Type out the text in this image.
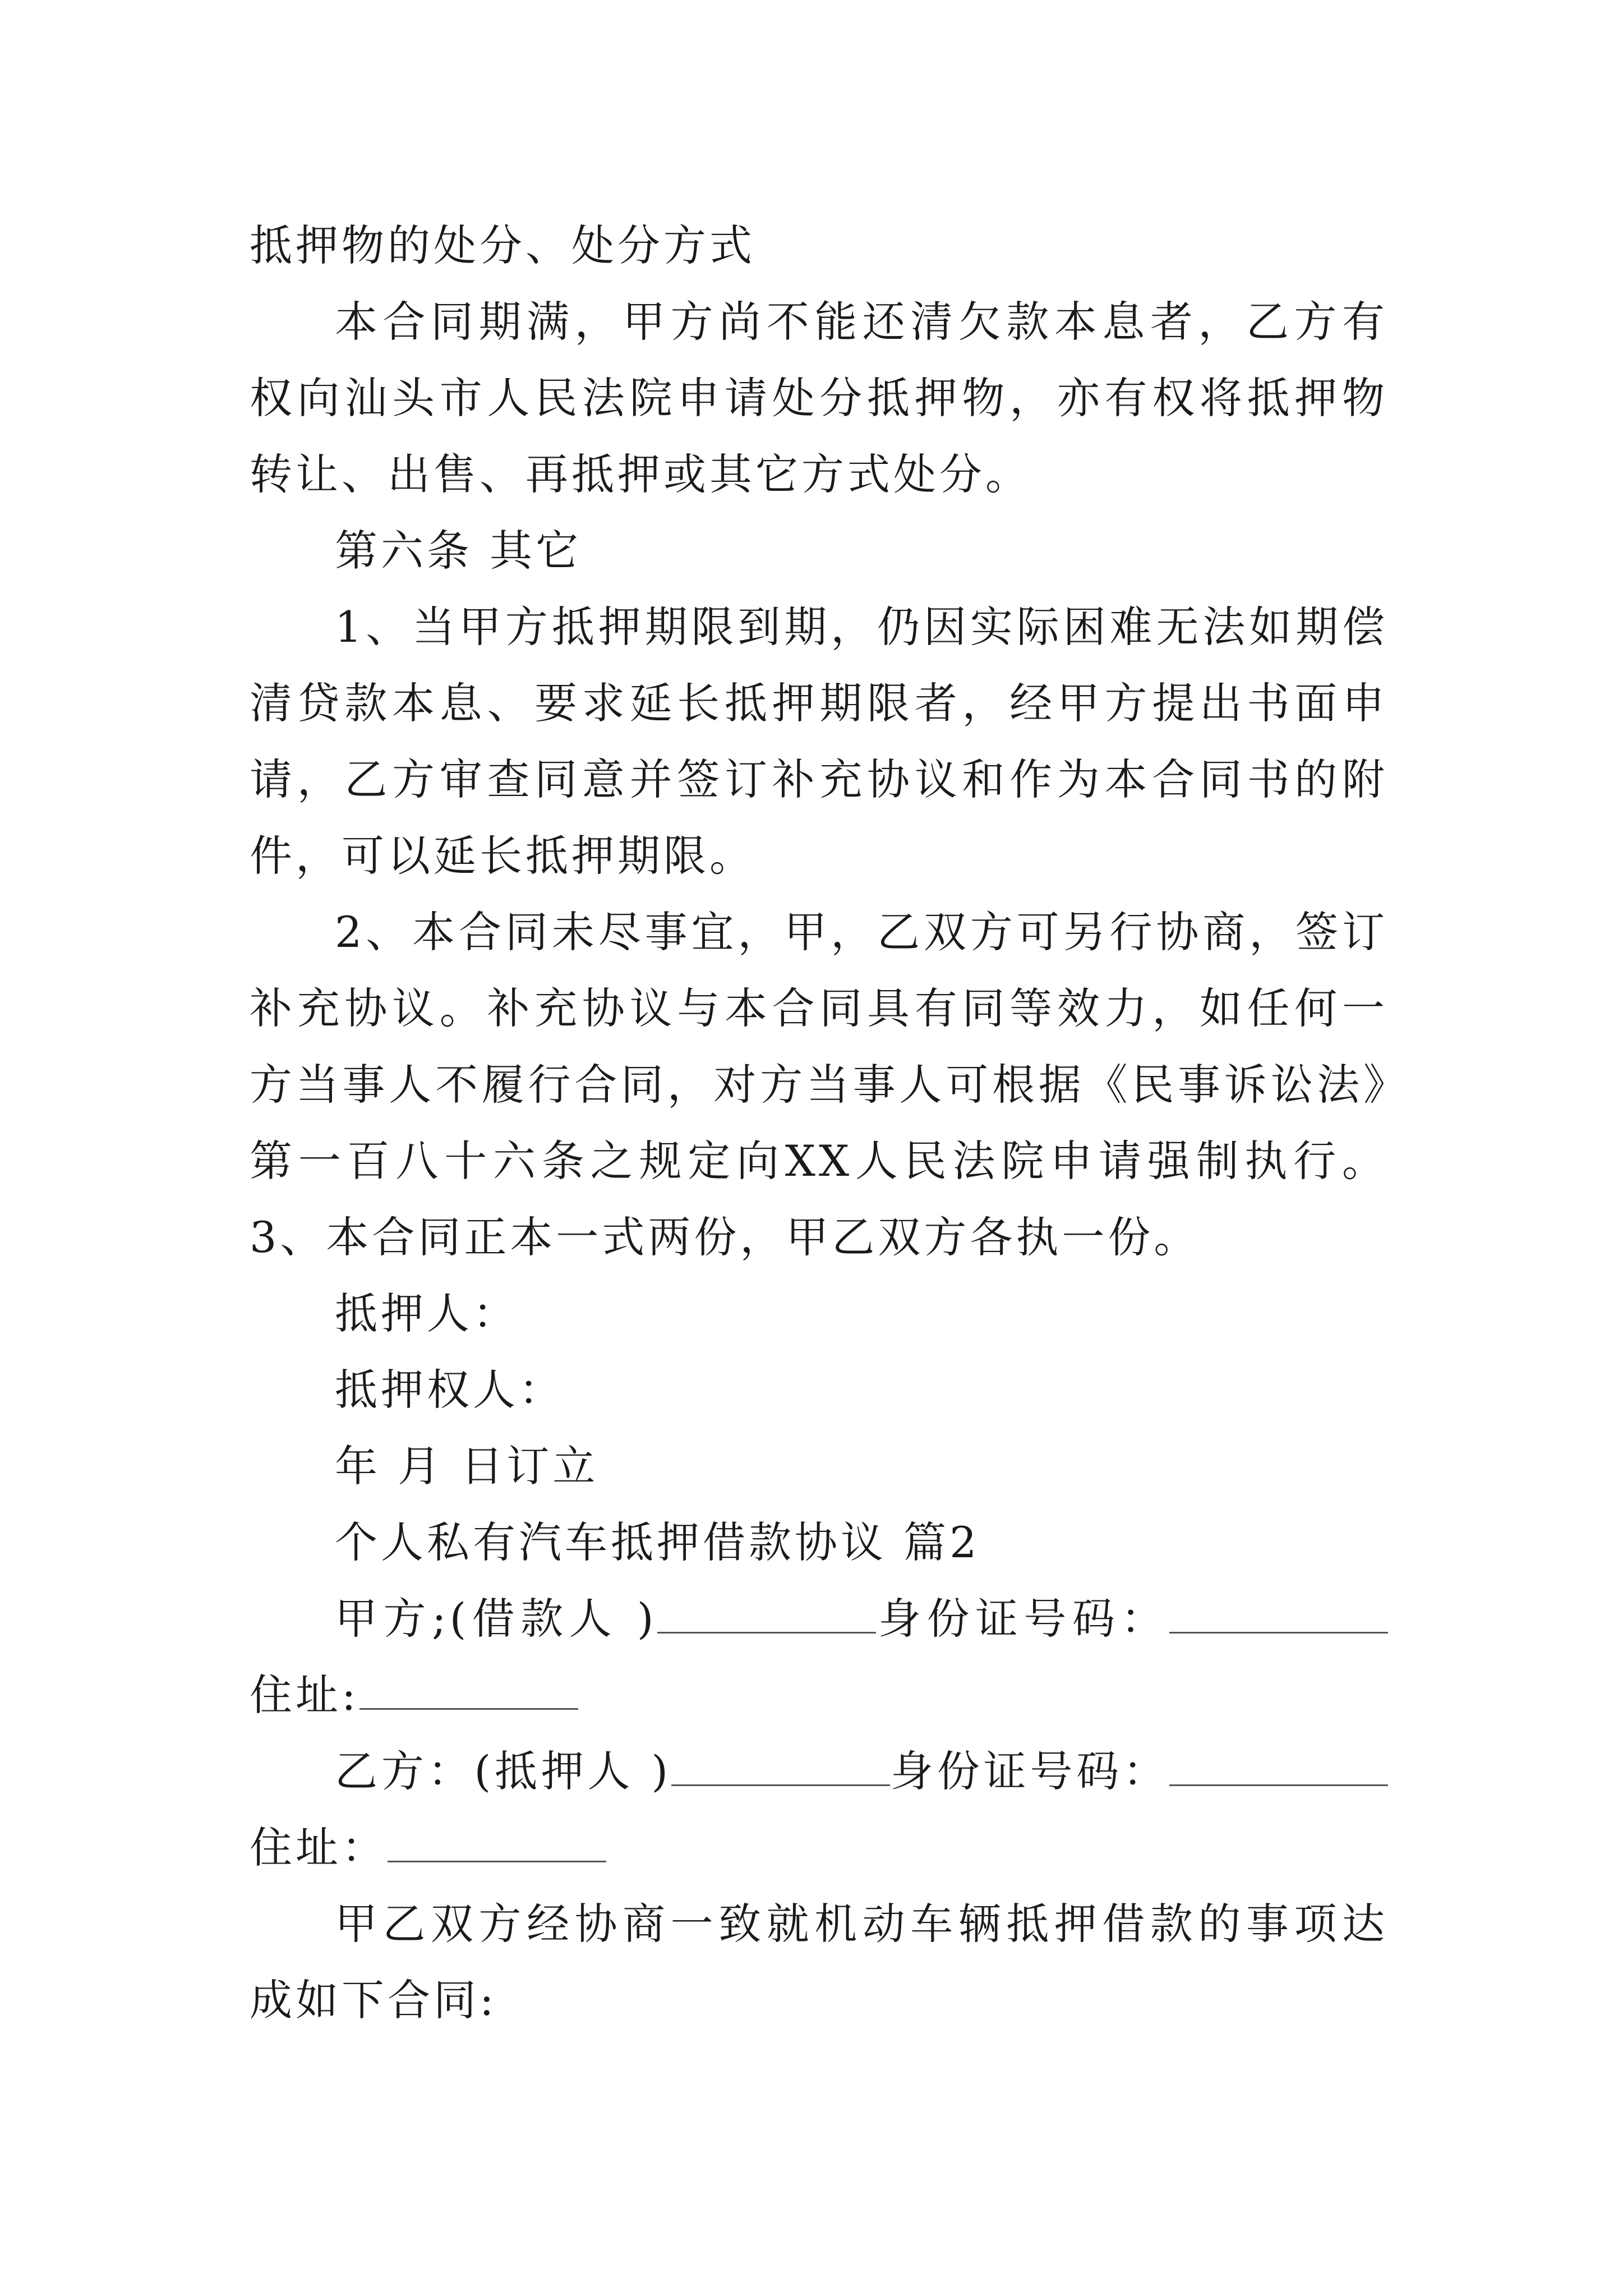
抵押物的处分、处分方式

本合同期满，甲方尚不能还清欠款本息者，乙方有权向汕头市人民法院申请处分抵押物，亦有权将抵押物转让、出售、再抵押或其它方式处分。

第六条 其它

1、当甲方抵押期限到期，仍因实际困难无法如期偿清贷款本息、要求延长抵押期限者，经甲方提出书面申请，乙方审查同意并签订补充协议和作为本合同书的附件，可以延长抵押期限。

2、本合同未尽事宜，甲，乙双方可另行协商，签订补充协议。补充协议与本合同具有同等效力，如任何一方当事人不履行合同，对方当事人可根据《民事诉讼法》第一百八十六条之规定向XX人民法院申请强制执行。 3、本合同正本一式两份，甲乙双方各执一份。

抵押人：

抵押权人：

年 月 日订立

个人私有汽车抵押借款协议 篇2

甲方;(借款人 )	身份证号码：住址:

乙方：(抵押人 )	身份证号码：住址：

甲乙双方经协商一致就机动车辆抵押借款的事项达成如下合同:
